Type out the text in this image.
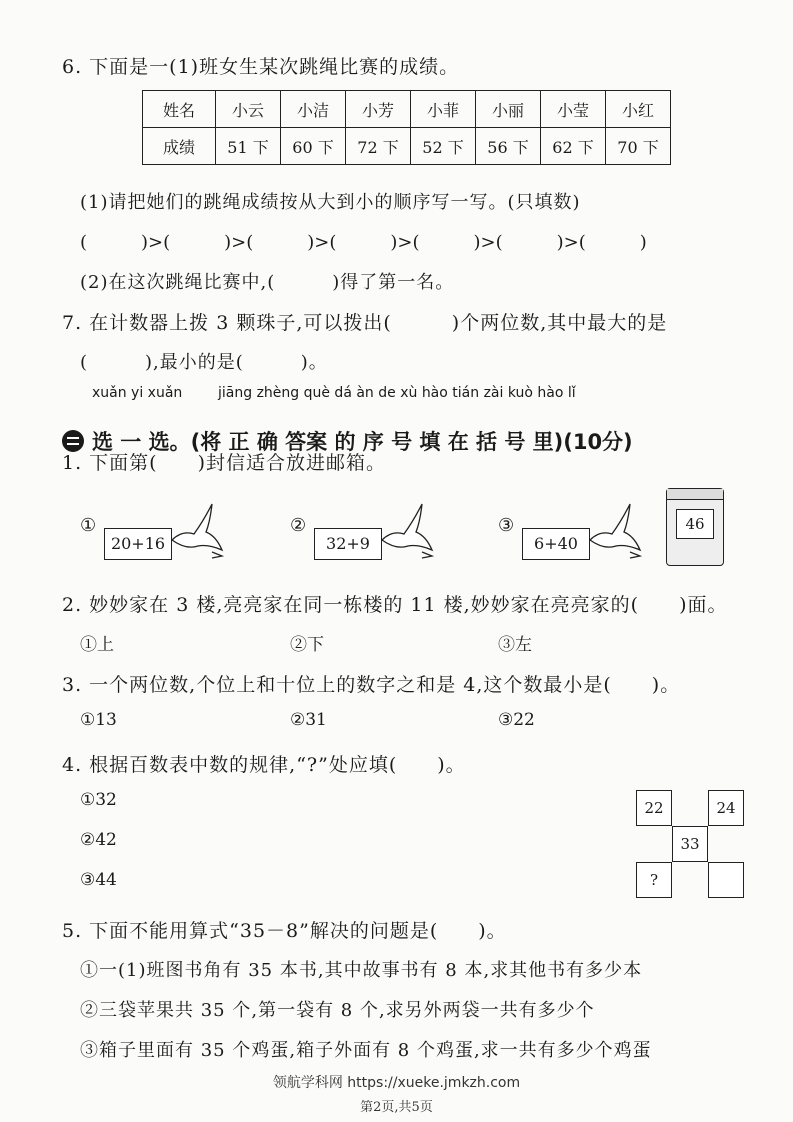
6. 下面是一(1)班女生某次跳绳比赛的成绩。
姓名	小云	小洁	小芳	小菲	小丽	小莹	小红
成绩	51 下	60 下	72 下	52 下	56 下	62 下	70 下
(1)请把她们的跳绳成绩按从大到小的顺序写一写。(只填数)
(　　　)>(　　　)>(　　　)>(　　　)>(　　　)>(　　　)>(　　　)
(2)在这次跳绳比赛中,(　　　)得了第一名。
7. 在计数器上拨 3 颗珠子,可以拨出(　　　)个两位数,其中最大的是
(　　　),最小的是(　　　)。
xuǎn yi xuǎn	jiāng zhèng què dá àn de xù hào tián zài kuò hào lǐ
选 一 选。(将 正 确 答案 的 序 号 填 在 括 号 里)(10分)
1. 下面第(　　)封信适合放进邮箱。
①
20+16
②
32+9
③
6+40
46
2. 妙妙家在 3 楼,亮亮家在同一栋楼的 11 楼,妙妙家在亮亮家的(　　)面。
①上	②下	③左
3. 一个两位数,个位上和十位上的数字之和是 4,这个数最小是(　　)。
①13	②31	③22
4. 根据百数表中数的规律,“?”处应填(　　)。
①32
②42
③44
22	24
33
?
5. 下面不能用算式“35－8”解决的问题是(　　)。
①一(1)班图书角有 35 本书,其中故事书有 8 本,求其他书有多少本
②三袋苹果共 35 个,第一袋有 8 个,求另外两袋一共有多少个
③箱子里面有 35 个鸡蛋,箱子外面有 8 个鸡蛋,求一共有多少个鸡蛋
领航学科网 https://xueke.jmkzh.com
第2页,共5页
